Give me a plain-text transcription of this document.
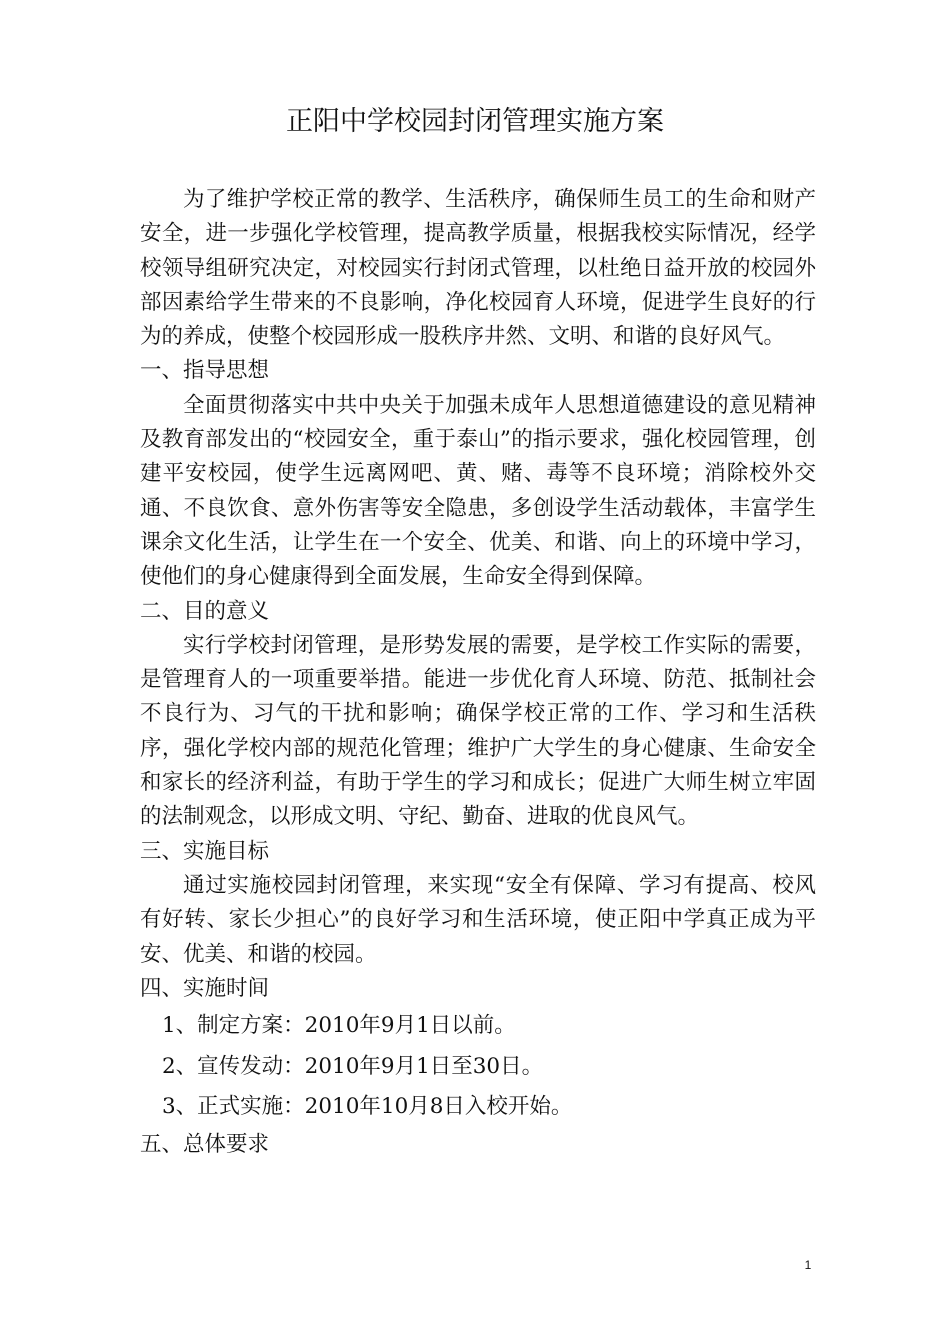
正阳中学校园封闭管理实施方案

为了维护学校正常的教学、生活秩序，确保师生员工的生命和财产安全，进一步强化学校管理，提高教学质量，根据我校实际情况，经学校领导组研究决定，对校园实行封闭式管理，以杜绝日益开放的校园外部因素给学生带来的不良影响，净化校园育人环境，促进学生良好的行为的养成，使整个校园形成一股秩序井然、文明、和谐的良好风气。

一、指导思想

全面贯彻落实中共中央关于加强未成年人思想道德建设的意见精神及教育部发出的“校园安全，重于泰山”的指示要求，强化校园管理，创建平安校园，使学生远离网吧、黄、赌、毒等不良环境；消除校外交通、不良饮食、意外伤害等安全隐患，多创设学生活动载体，丰富学生课余文化生活，让学生在一个安全、优美、和谐、向上的环境中学习，使他们的身心健康得到全面发展，生命安全得到保障。

二、目的意义

实行学校封闭管理，是形势发展的需要，是学校工作实际的需要，是管理育人的一项重要举措。能进一步优化育人环境、防范、抵制社会不良行为、习气的干扰和影响；确保学校正常的工作、学习和生活秩序，强化学校内部的规范化管理；维护广大学生的身心健康、生命安全和家长的经济利益，有助于学生的学习和成长；促进广大师生树立牢固的法制观念，以形成文明、守纪、勤奋、进取的优良风气。

三、实施目标

通过实施校园封闭管理，来实现“安全有保障、学习有提高、校风有好转、家长少担心”的良好学习和生活环境，使正阳中学真正成为平安、优美、和谐的校园。

四、实施时间

1、制定方案：2010年9月1日以前。

2、宣传发动：2010年9月1日至30日。

3、正式实施：2010年10月8日入校开始。

五、总体要求

1
